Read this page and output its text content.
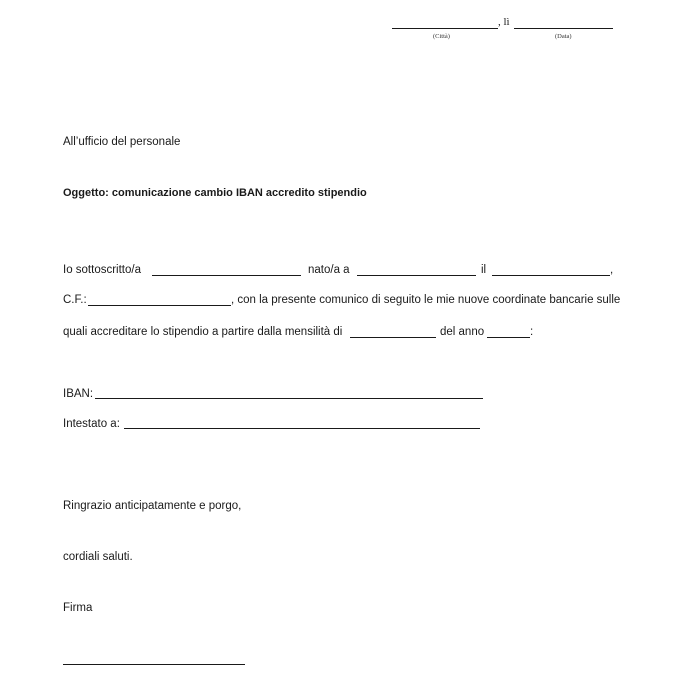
, lì
(Città)	(Data)
All’ufficio del personale
Oggetto: comunicazione cambio IBAN accredito stipendio
Io sottoscritto/a	nato/a a	il	,
C.F.:	, con la presente comunico di seguito le mie nuove coordinate bancarie sulle
quali accreditare lo stipendio a partire dalla mensilità di	del anno	:
IBAN:
Intestato a:
Ringrazio anticipatamente e porgo,
cordiali saluti.
Firma
